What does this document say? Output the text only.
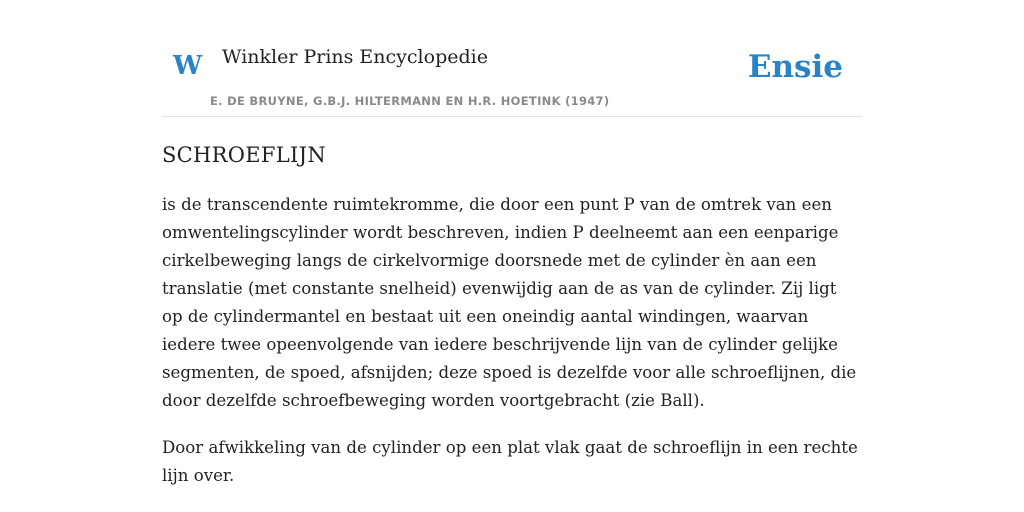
W Winkler Prins Encyclopedie
E. DE BRUYNE, G.B.J. HILTERMANN EN H.R. HOETINK (1947)
Ensie
SCHROEFLIJN

is de transcendente ruimtekromme, die door een punt P van de omtrek van een omwentelingscylinder wordt beschreven, indien P deelneemt aan een eenparige cirkelbeweging langs de cirkelvormige doorsnede met de cylinder èn aan een translatie (met constante snelheid) evenwijdig aan de as van de cylinder. Zij ligt op de cylindermantel en bestaat uit een oneindig aantal windingen, waarvan iedere twee opeenvolgende van iedere beschrijvende lijn van de cylinder gelijke segmenten, de spoed, afsnijden; deze spoed is dezelfde voor alle schroeflijnen, die door dezelfde schroefbeweging worden voortgebracht (zie Ball).

Door afwikkeling van de cylinder op een plat vlak gaat de schroeflijn in een rechte lijn over.
